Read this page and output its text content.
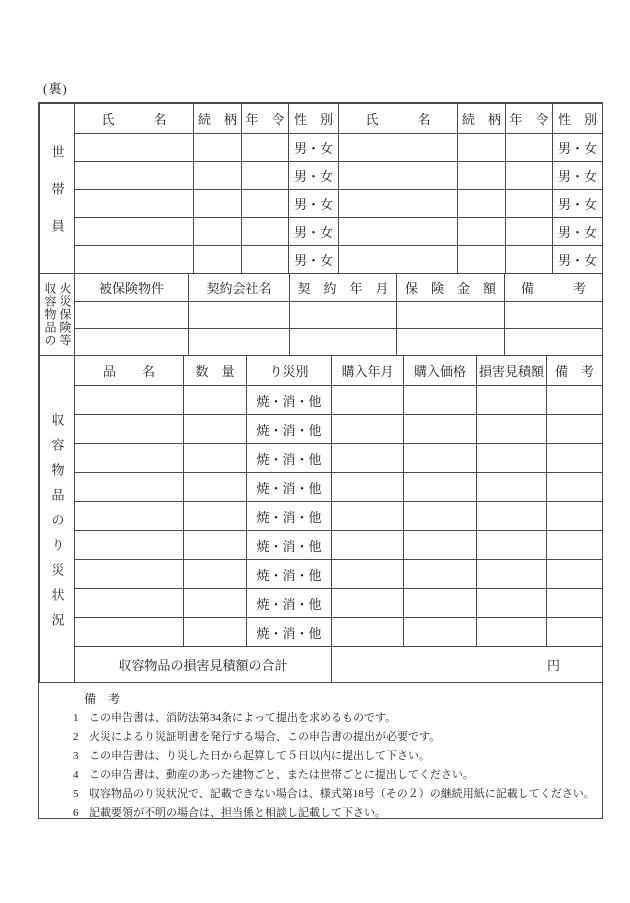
(裏)
世帯員	氏　　　名	続　柄	年　令	性　別	氏　　　名	続　柄	年　令	性　別
				男・女				男・女
				男・女				男・女
				男・女				男・女
				男・女				男・女
				男・女				男・女
収容物品の火災保険等	被保険物件	契約会社名	契　約　年　月	保　険　金　額	備　　　考

収容物品のり災状況	品　　名	数　量	り災別	購入年月	購入価格	損害見積額	備　考
			焼・消・他				
			焼・消・他				
			焼・消・他				
			焼・消・他				
			焼・消・他				
			焼・消・他				
			焼・消・他				
			焼・消・他				
			焼・消・他				
	収容物品の損害見積額の合計			円			
備　考
1 この申告書は、消防法第34条によって提出を求めるものです。
2 火災によるり災証明書を発行する場合、この申告書の提出が必要です。
3 この申告書は、り災した日から起算して５日以内に提出して下さい。
4 この申告書は、動産のあった建物ごと、または世帯ごとに提出してください。
5 収容物品のり災状況で、記載できない場合は、様式第18号（その２）の継続用紙に記載してください。
6 記載要領が不明の場合は、担当係と相談し記載して下さい。
